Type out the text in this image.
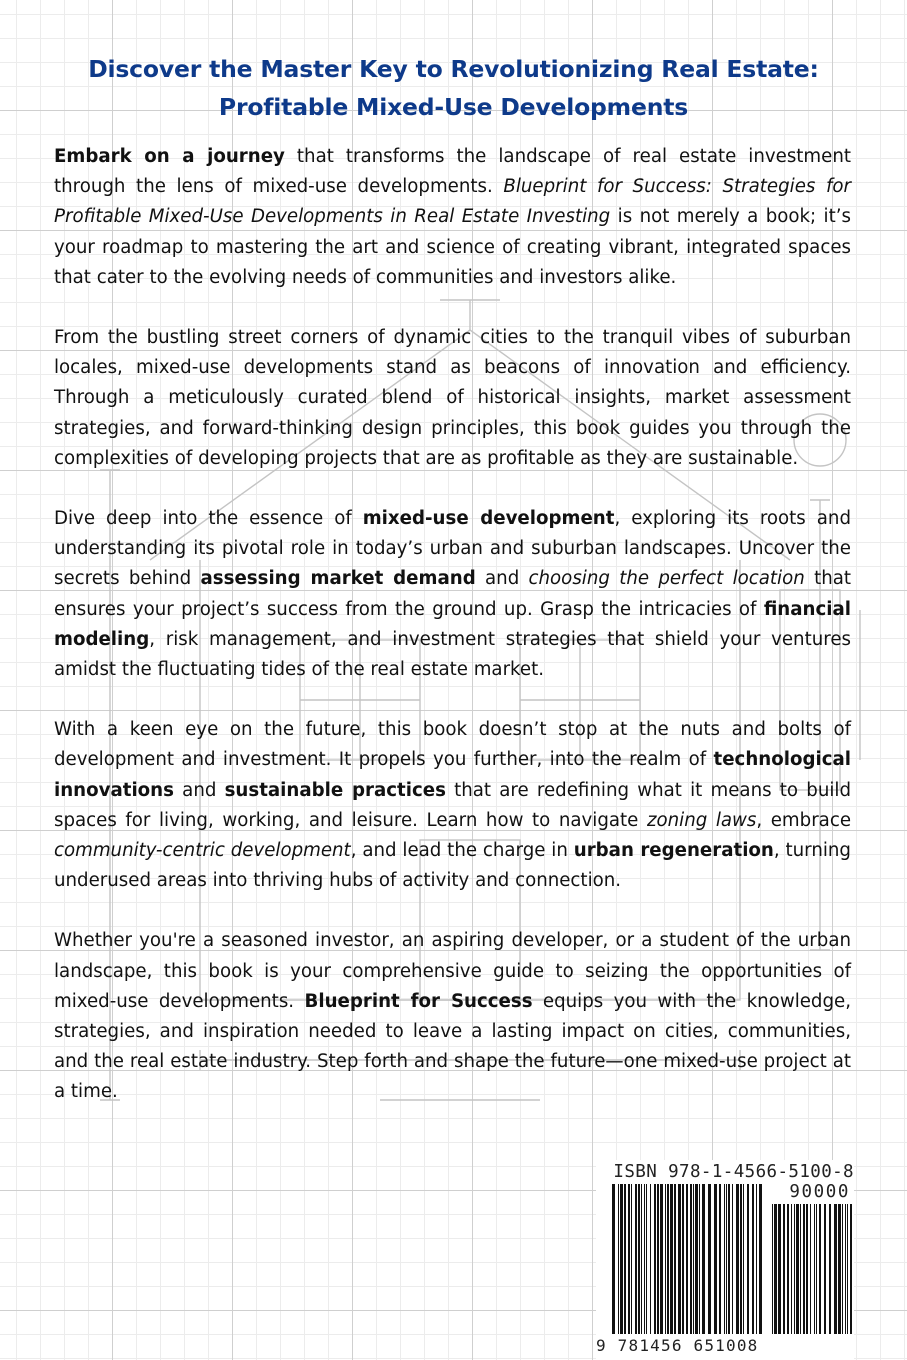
Discover the Master Key to Revolutionizing Real Estate:
Profitable Mixed-Use Developments

Embark on a journey that transforms the landscape of real estate investment through the lens of mixed-use developments. Blueprint for Success: Strategies for Profitable Mixed-Use Developments in Real Estate Investing is not merely a book; it’s your roadmap to mastering the art and science of creating vibrant, integrated spaces that cater to the evolving needs of communities and investors alike.

From the bustling street corners of dynamic cities to the tranquil vibes of suburban locales, mixed-use developments stand as beacons of innovation and efficiency. Through a meticulously curated blend of historical insights, market assessment strategies, and forward-thinking design principles, this book guides you through the complexities of developing projects that are as profitable as they are sustainable.

Dive deep into the essence of mixed-use development, exploring its roots and understanding its pivotal role in today’s urban and suburban landscapes. Uncover the secrets behind assessing market demand and choosing the perfect location that ensures your project’s success from the ground up. Grasp the intricacies of financial modeling, risk management, and investment strategies that shield your ventures amidst the fluctuating tides of the real estate market.

With a keen eye on the future, this book doesn’t stop at the nuts and bolts of development and investment. It propels you further, into the realm of technological innovations and sustainable practices that are redefining what it means to build spaces for living, working, and leisure. Learn how to navigate zoning laws, embrace community-centric development, and lead the charge in urban regeneration, turning underused areas into thriving hubs of activity and connection.

Whether you're a seasoned investor, an aspiring developer, or a student of the urban landscape, this book is your comprehensive guide to seizing the opportunities of mixed-use developments. Blueprint for Success equips you with the knowledge, strategies, and inspiration needed to leave a lasting impact on cities, communities, and the real estate industry. Step forth and shape the future—one mixed-use project at a time.

ISBN 978-1-4566-5100-8
90000
9 781456 651008
